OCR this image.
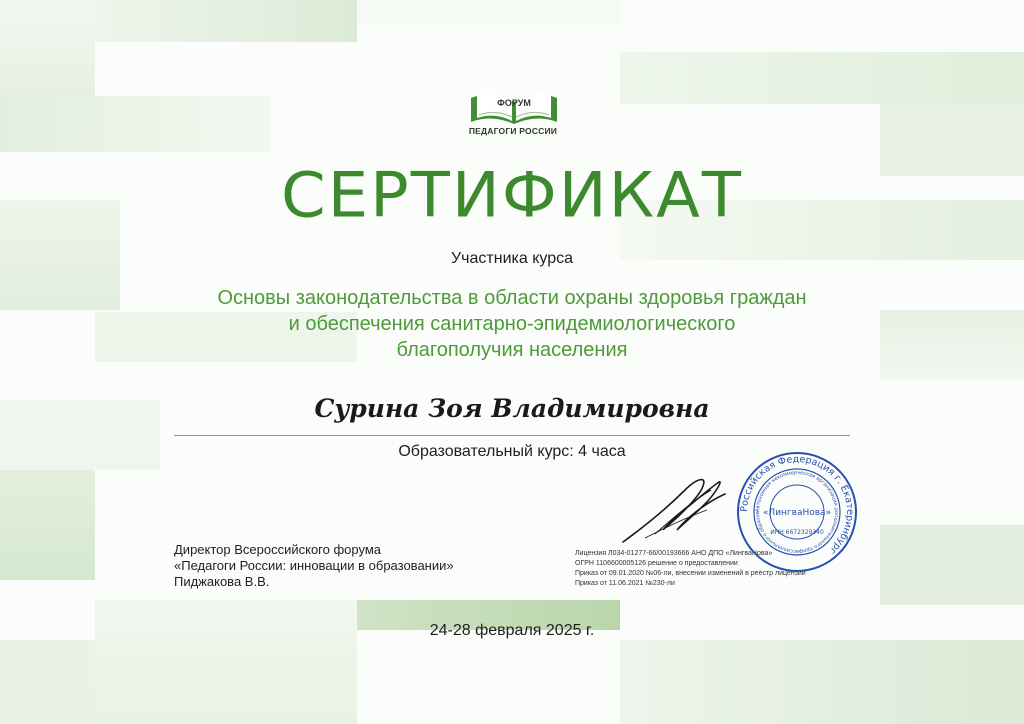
ФОРУМ
ПЕДАГОГИ РОССИИ
СЕРТИФИКАТ
Участника курса
Основы законодательства в области охраны здоровья граждан
и обеспечения санитарно-эпидемиологического
благополучия населения
Сурина Зоя Владимировна
Образовательный курс: 4 часа
Директор Всероссийского форума
«Педагоги России: инновации в образовании»
Пиджакова В.В.
Лицензия Л034-01277-66/00193666 АНО ДПО «ЛингваНова»
ОГРН 1106600005126 решение о предоставлении
Приказ от 09.01.2020 №06-ли, внесении изменений в реестр лицензий
Приказ от 11.06.2021 №230-ли
Российская Федерация г. Екатеринбург
Автономная некоммерческая организация дополнительного профессионального образов «ЛингваНова»
ИНН 6672329340
24-28 февраля 2025 г.
